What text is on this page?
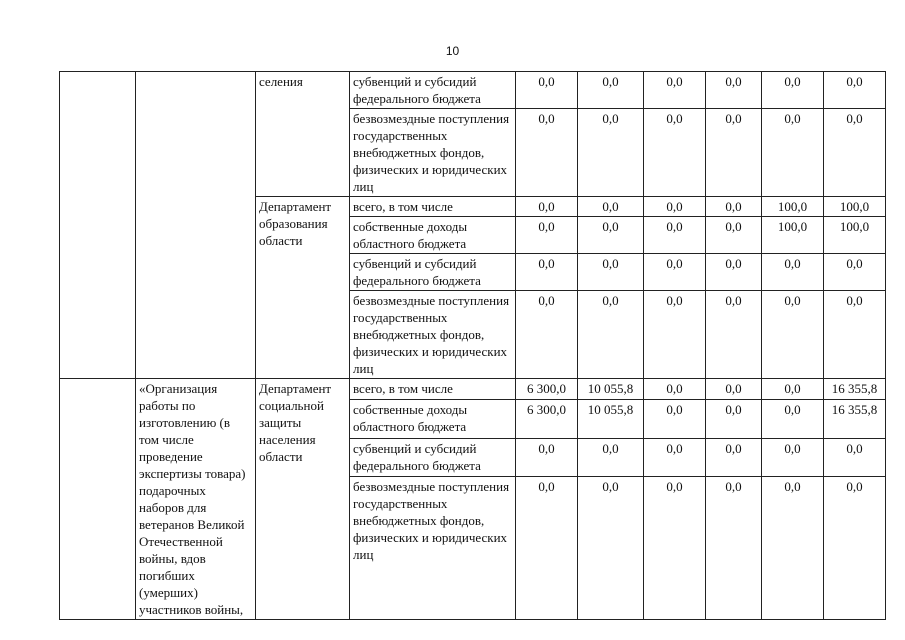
10
		селения	субвенций и субсидий федерального бюджета	0,0	0,0	0,0	0,0	0,0	0,0
			безвозмездные поступления государственных внебюджетных фондов, физических и юридических лиц	0,0	0,0	0,0	0,0	0,0	0,0
		Департамент образования области	всего, в том числе	0,0	0,0	0,0	0,0	100,0	100,0
			собственные доходы областного бюджета	0,0	0,0	0,0	0,0	100,0	100,0
			субвенций и субсидий федерального бюджета	0,0	0,0	0,0	0,0	0,0	0,0
			безвозмездные поступления государственных внебюджетных фондов, физических и юридических лиц	0,0	0,0	0,0	0,0	0,0	0,0
	«Организация работы по изготовлению (в том числе проведение экспертизы товара) подарочных наборов для ветеранов Великой Отечественной войны, вдов погибших (умерших) участников войны,	Департамент социальной защиты населения области	всего, в том числе	6 300,0	10 055,8	0,0	0,0	0,0	16 355,8
			собственные доходы областного бюджета	6 300,0	10 055,8	0,0	0,0	0,0	16 355,8
			субвенций и субсидий федерального бюджета	0,0	0,0	0,0	0,0	0,0	0,0
			безвозмездные поступления государственных внебюджетных фондов, физических и юридических лиц	0,0	0,0	0,0	0,0	0,0	0,0
